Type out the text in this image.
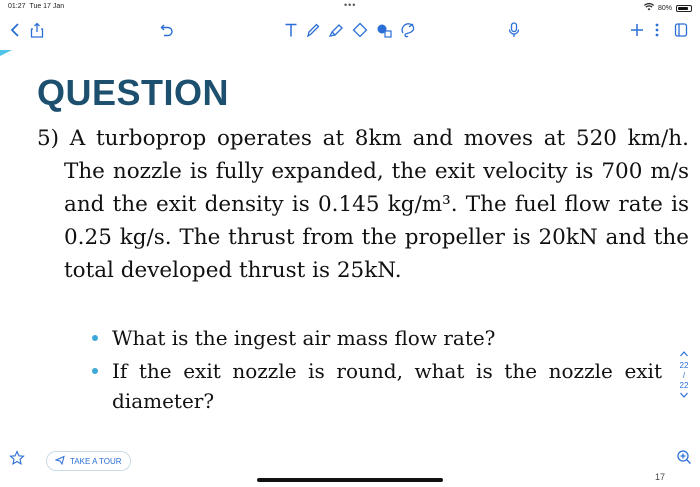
01:27 Tue 17 Jan	•••	80%
QUESTION
5) A turboprop operates at 8km and moves at 520 km/h. The nozzle is fully expanded, the exit velocity is 700 m/s and the exit density is 0.145 kg/m³. The fuel flow rate is 0.25 kg/s. The thrust from the propeller is 20kN and the total developed thrust is 25kN.
What is the ingest air mass flow rate?
If the exit nozzle is round, what is the nozzle exit diameter?
22
/
22
TAKE A TOUR
17
